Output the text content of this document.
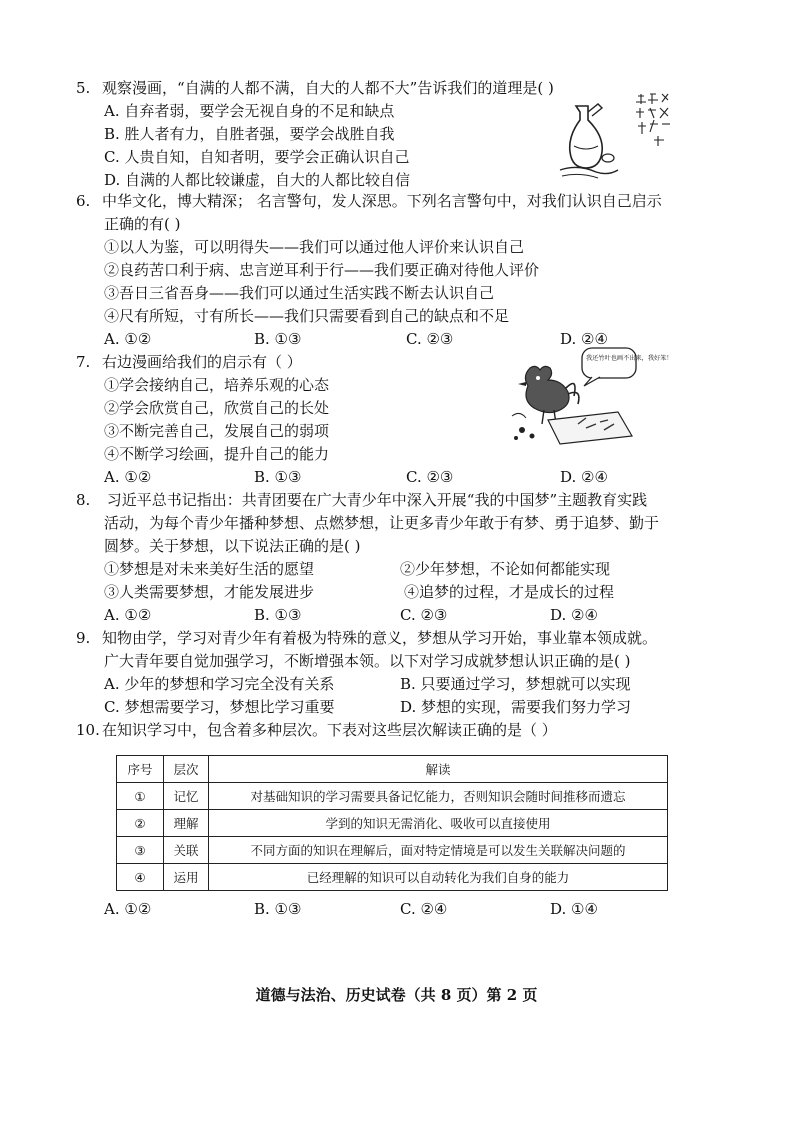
5. 观察漫画，“自满的人都不满，自大的人都不大”告诉我们的道理是( )
A. 自弃者弱，要学会无视自身的不足和缺点
B. 胜人者有力，自胜者强，要学会战胜自我
C. 人贵自知，自知者明，要学会正确认识自己
D. 自满的人都比较谦虚，自大的人都比较自信
6. 中华文化，博大精深； 名言警句，发人深思。下列名言警句中，对我们认识自己启示
正确的有( )
①以人为鉴，可以明得失——我们可以通过他人评价来认识自己
②良药苦口利于病、忠言逆耳利于行——我们要正确对待他人评价
③吾日三省吾身——我们可以通过生活实践不断去认识自己
④尺有所短，寸有所长——我们只需要看到自己的缺点和不足
A. ①②	B. ①③	C. ②③	D. ②④
7. 右边漫画给我们的启示有（ ）
①学会接纳自己，培养乐观的心态
②学会欣赏自己，欣赏自己的长处
③不断完善自己，发展自己的弱项
④不断学习绘画，提升自己的能力
A. ①②	B. ①③	C. ②③	D. ②④
我还竹叶也画不出来，我好笨！
8. 习近平总书记指出：共青团要在广大青少年中深入开展“我的中国梦”主题教育实践
活动，为每个青少年播种梦想、点燃梦想，让更多青少年敢于有梦、勇于追梦、勤于
圆梦。关于梦想，以下说法正确的是( )
①梦想是对未来美好生活的愿望	②少年梦想，不论如何都能实现
③人类需要梦想，才能发展进步	④追梦的过程，才是成长的过程
A. ①②	B. ①③	C. ②③	D. ②④
9. 知物由学，学习对青少年有着极为特殊的意义，梦想从学习开始，事业靠本领成就。
广大青年要自觉加强学习，不断增强本领。以下对学习成就梦想认识正确的是( )
A. 少年的梦想和学习完全没有关系	B. 只要通过学习，梦想就可以实现
C. 梦想需要学习，梦想比学习重要	D. 梦想的实现，需要我们努力学习
10. 在知识学习中，包含着多种层次。下表对这些层次解读正确的是（ ）
序号	层次	解读
①	记忆	对基础知识的学习需要具备记忆能力，否则知识会随时间推移而遗忘
②	理解	学到的知识无需消化、吸收可以直接使用
③	关联	不同方面的知识在理解后，面对特定情境是可以发生关联解决问题的
④	运用	已经理解的知识可以自动转化为我们自身的能力
A. ①②	B. ①③	C. ②④	D. ①④
道德与法治、历史试卷（共 8 页）第 2 页
